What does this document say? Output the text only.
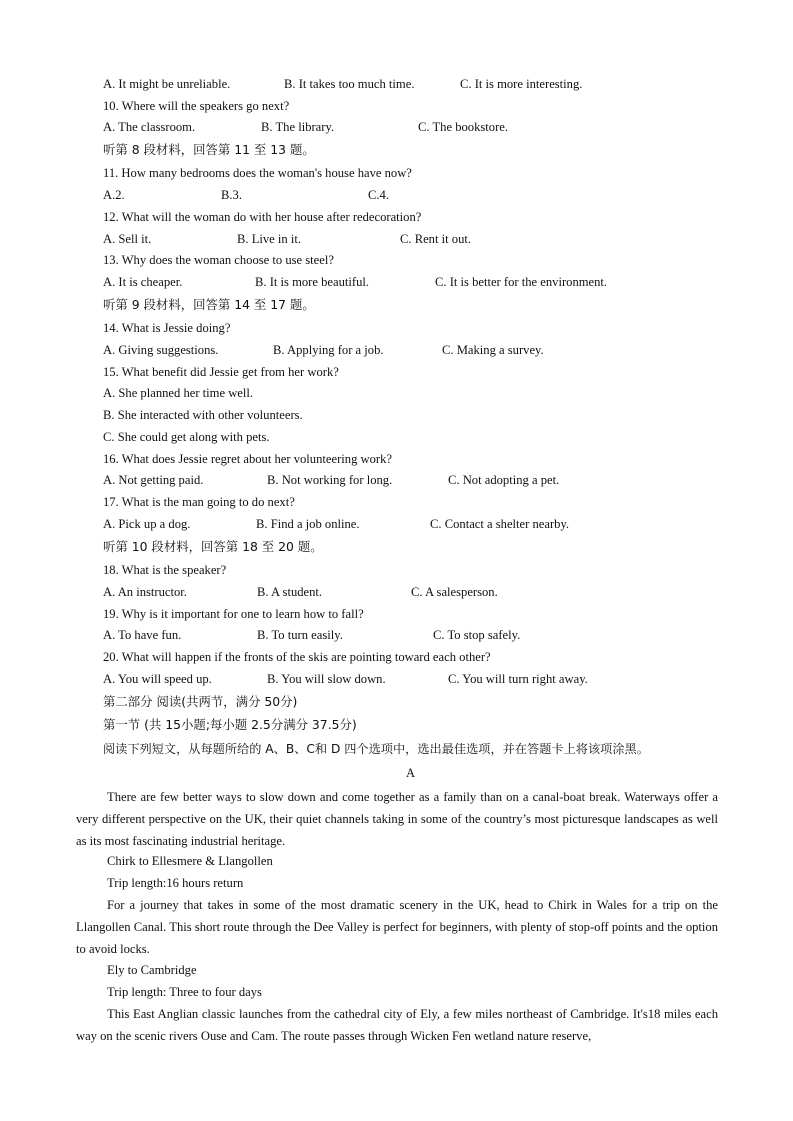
A. It might be unreliable.	B. It takes too much time.	C. It is more interesting.
10. Where will the speakers go next?
A. The classroom.	B. The library.	C. The bookstore.
听第 8 段材料，回答第 11 至 13 题。
11. How many bedrooms does the woman's house have now?
A.2.	B.3.	C.4.
12. What will the woman do with her house after redecoration?
A. Sell it.	B. Live in it.	C. Rent it out.
13. Why does the woman choose to use steel?
A. It is cheaper.	B. It is more beautiful.	C. It is better for the environment.
听第 9 段材料，回答第 14 至 17 题。
14. What is Jessie doing?
A. Giving suggestions.	B. Applying for a job.	C. Making a survey.
15. What benefit did Jessie get from her work?
A. She planned her time well.
B. She interacted with other volunteers.
C. She could get along with pets.
16. What does Jessie regret about her volunteering work?
A. Not getting paid.	B. Not working for long.	C. Not adopting a pet.
17. What is the man going to do next?
A. Pick up a dog.	B. Find a job online.	C. Contact a shelter nearby.
听第 10 段材料，回答第 18 至 20 题。
18. What is the speaker?
A. An instructor.	B. A student.	C. A salesperson.
19. Why is it important for one to learn how to fall?
A. To have fun.	B. To turn easily.	C. To stop safely.
20. What will happen if the fronts of the skis are pointing toward each other?
A. You will speed up.	B. You will slow down.	C. You will turn right away.
第二部分 阅读(共两节，满分 50分)
第一节 (共 15小题;每小题 2.5分满分 37.5分)
阅读下列短文，从每题所给的 A、B、C和 D 四个选项中，选出最佳选项，并在答题卡上将该项涂黑。
A
There are few better ways to slow down and come together as a family than on a canal-boat break. Waterways offer a very different perspective on the UK, their quiet channels taking in some of the country’s most picturesque landscapes as well as its most fascinating industrial heritage.
Chirk to Ellesmere & Llangollen
Trip length:16 hours return
For a journey that takes in some of the most dramatic scenery in the UK, head to Chirk in Wales for a trip on the Llangollen Canal. This short route through the Dee Valley is perfect for beginners, with plenty of stop-off points and the option to avoid locks.
Ely to Cambridge
Trip length: Three to four days
This East Anglian classic launches from the cathedral city of Ely, a few miles northeast of Cambridge. It's18 miles each way on the scenic rivers Ouse and Cam. The route passes through Wicken Fen wetland nature reserve,
